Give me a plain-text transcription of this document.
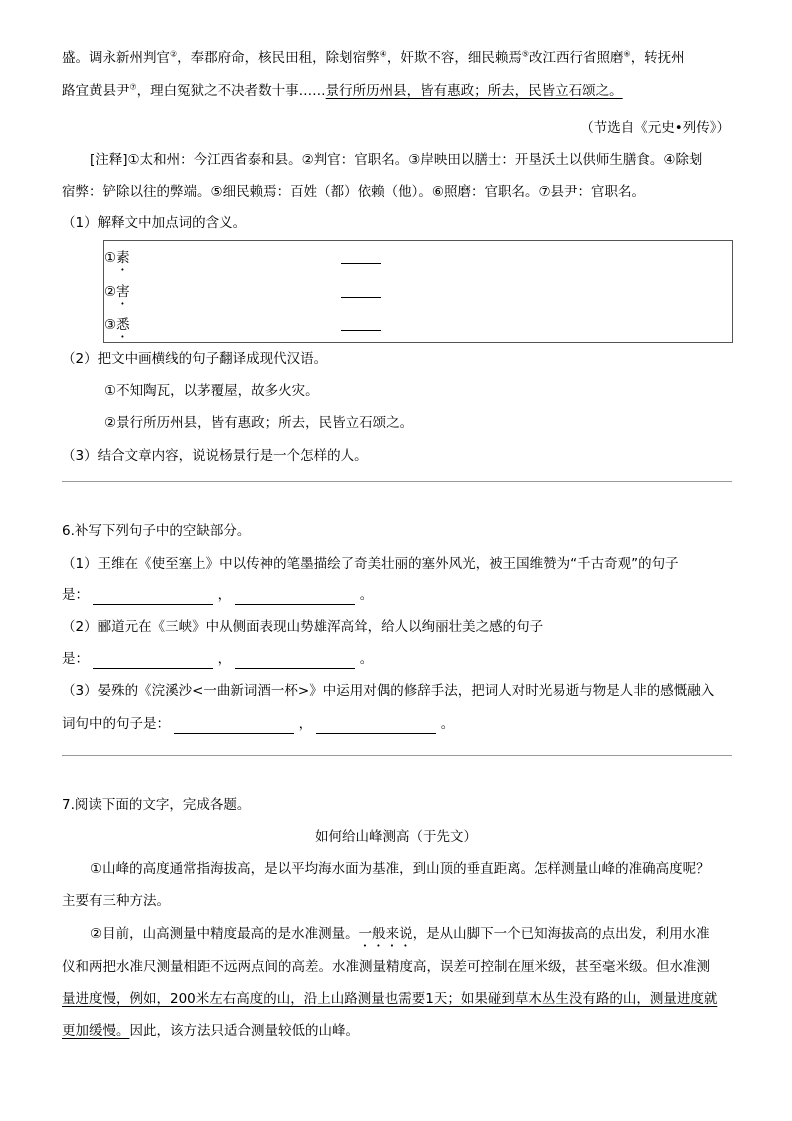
盛。调永新州判官②，奉郡府命，核民田租，除刬宿弊④，奸欺不容，细民赖焉⑤改江西行省照磨⑥，转抚州
路宜黄县尹⑦，理白冤狱之不决者数十事……景行所历州县，皆有惠政；所去，民皆立石颂之。
（节选自《元史•列传》）
[注释]①太和州：今江西省泰和县。②判官：官职名。③岸映田以膳士：开垦沃土以供师生膳食。④除刬
宿弊：铲除以往的弊端。⑤细民赖焉：百姓（都）依赖（他）。⑥照磨：官职名。⑦县尹：官职名。
（1）解释文中加点词的含义。
①素
②害
③悉
（2）把文中画横线的句子翻译成现代汉语。
①不知陶瓦，以茅覆屋，故多火灾。
②景行所历州县，皆有惠政；所去，民皆立石颂之。
（3）结合文章内容，说说杨景行是一个怎样的人。
6.补写下列句子中的空缺部分。
（1）王维在《使至塞上》中以传神的笔墨描绘了奇美壮丽的塞外风光，被王国维赞为“千古奇观”的句子
是：	，	。
（2）郦道元在《三峡》中从侧面表现山势雄浑高耸，给人以绚丽壮美之感的句子
是：	，	。
（3）晏殊的《浣溪沙<一曲新词酒一杯>》中运用对偶的修辞手法，把词人对时光易逝与物是人非的感慨融入
词句中的句子是：	，	。
7.阅读下面的文字，完成各题。
如何给山峰测高（于先文）
①山峰的高度通常指海拔高，是以平均海水面为基准，到山顶的垂直距离。怎样测量山峰的准确高度呢？
主要有三种方法。
②目前，山高测量中精度最高的是水准测量。一般来说，是从山脚下一个已知海拔高的点出发，利用水准
仪和两把水准尺测量相距不远两点间的高差。水准测量精度高，误差可控制在厘米级，甚至毫米级。但水准测
量进度慢，例如，200米左右高度的山，沿上山路测量也需要1天；如果碰到草木丛生没有路的山，测量进度就
更加缓慢。因此，该方法只适合测量较低的山峰。
